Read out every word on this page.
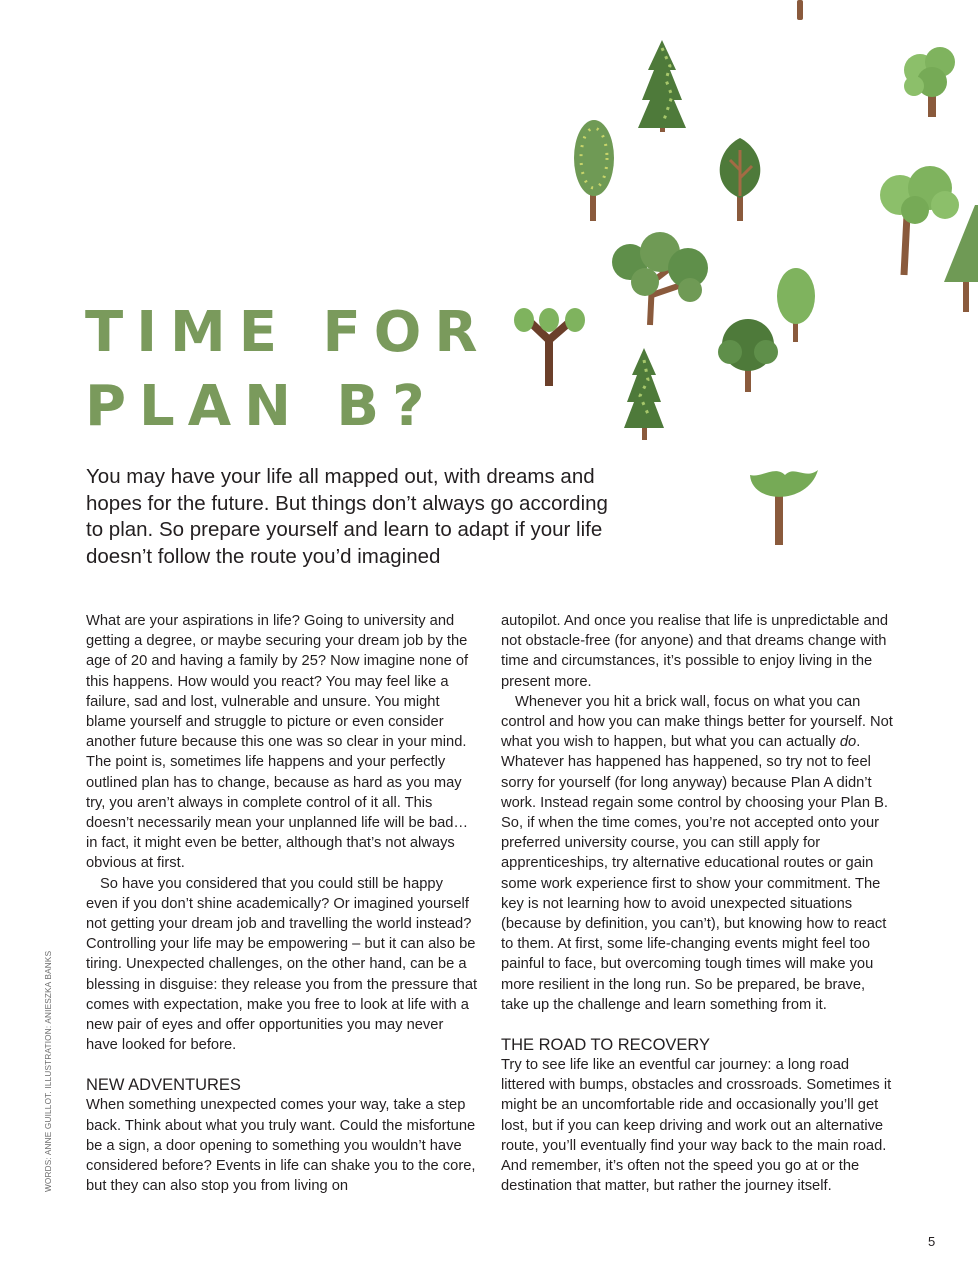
TIME FOR
PLAN B?

You may have your life all mapped out, with dreams and hopes for the future. But things don’t always go according to plan. So prepare yourself and learn to adapt if your life doesn’t follow the route you’d imagined

What are your aspirations in life? Going to university and getting a degree, or maybe securing your dream job by the age of 20 and having a family by 25? Now imagine none of this happens. How would you react? You may feel like a failure, sad and lost, vulnerable and unsure. You might blame yourself and struggle to picture or even consider another future because this one was so clear in your mind. The point is, sometimes life happens and your perfectly outlined plan has to change, because as hard as you may try, you aren’t always in complete control of it all. This doesn’t necessarily mean your unplanned life will be bad… in fact, it might even be better, although that’s not always obvious at first.

So have you considered that you could still be happy even if you don’t shine academically? Or imagined yourself not getting your dream job and travelling the world instead? Controlling your life may be empowering – but it can also be tiring. Unexpected challenges, on the other hand, can be a blessing in disguise: they release you from the pressure that comes with expectation, make you free to look at life with a new pair of eyes and offer opportunities you may never have looked for before.

NEW ADVENTURES

When something unexpected comes your way, take a step back. Think about what you truly want. Could the misfortune be a sign, a door opening to something you wouldn’t have considered before? Events in life can shake you to the core, but they can also stop you from living on

autopilot. And once you realise that life is unpredictable and not obstacle-free (for anyone) and that dreams change with time and circumstances, it’s possible to enjoy living in the present more.

Whenever you hit a brick wall, focus on what you can control and how you can make things better for yourself. Not what you wish to happen, but what you can actually do. Whatever has happened has happened, so try not to feel sorry for yourself (for long anyway) because Plan A didn’t work. Instead regain some control by choosing your Plan B. So, if when the time comes, you’re not accepted onto your preferred university course, you can still apply for apprenticeships, try alternative educational routes or gain some work experience first to show your commitment. The key is not learning how to avoid unexpected situations (because by definition, you can’t), but knowing how to react to them. At first, some life-changing events might feel too painful to face, but overcoming tough times will make you more resilient in the long run. So be prepared, be brave, take up the challenge and learn something from it.

THE ROAD TO RECOVERY

Try to see life like an eventful car journey: a long road littered with bumps, obstacles and crossroads. Sometimes it might be an uncomfortable ride and occasionally you’ll get lost, but if you can keep driving and work out an alternative route, you’ll eventually find your way back to the main road. And remember, it’s often not the speed you go at or the destination that matter, but rather the journey itself.

WORDS: ANNE GUILLOT. ILLUSTRATION: ANIESZKA BANKS
5
